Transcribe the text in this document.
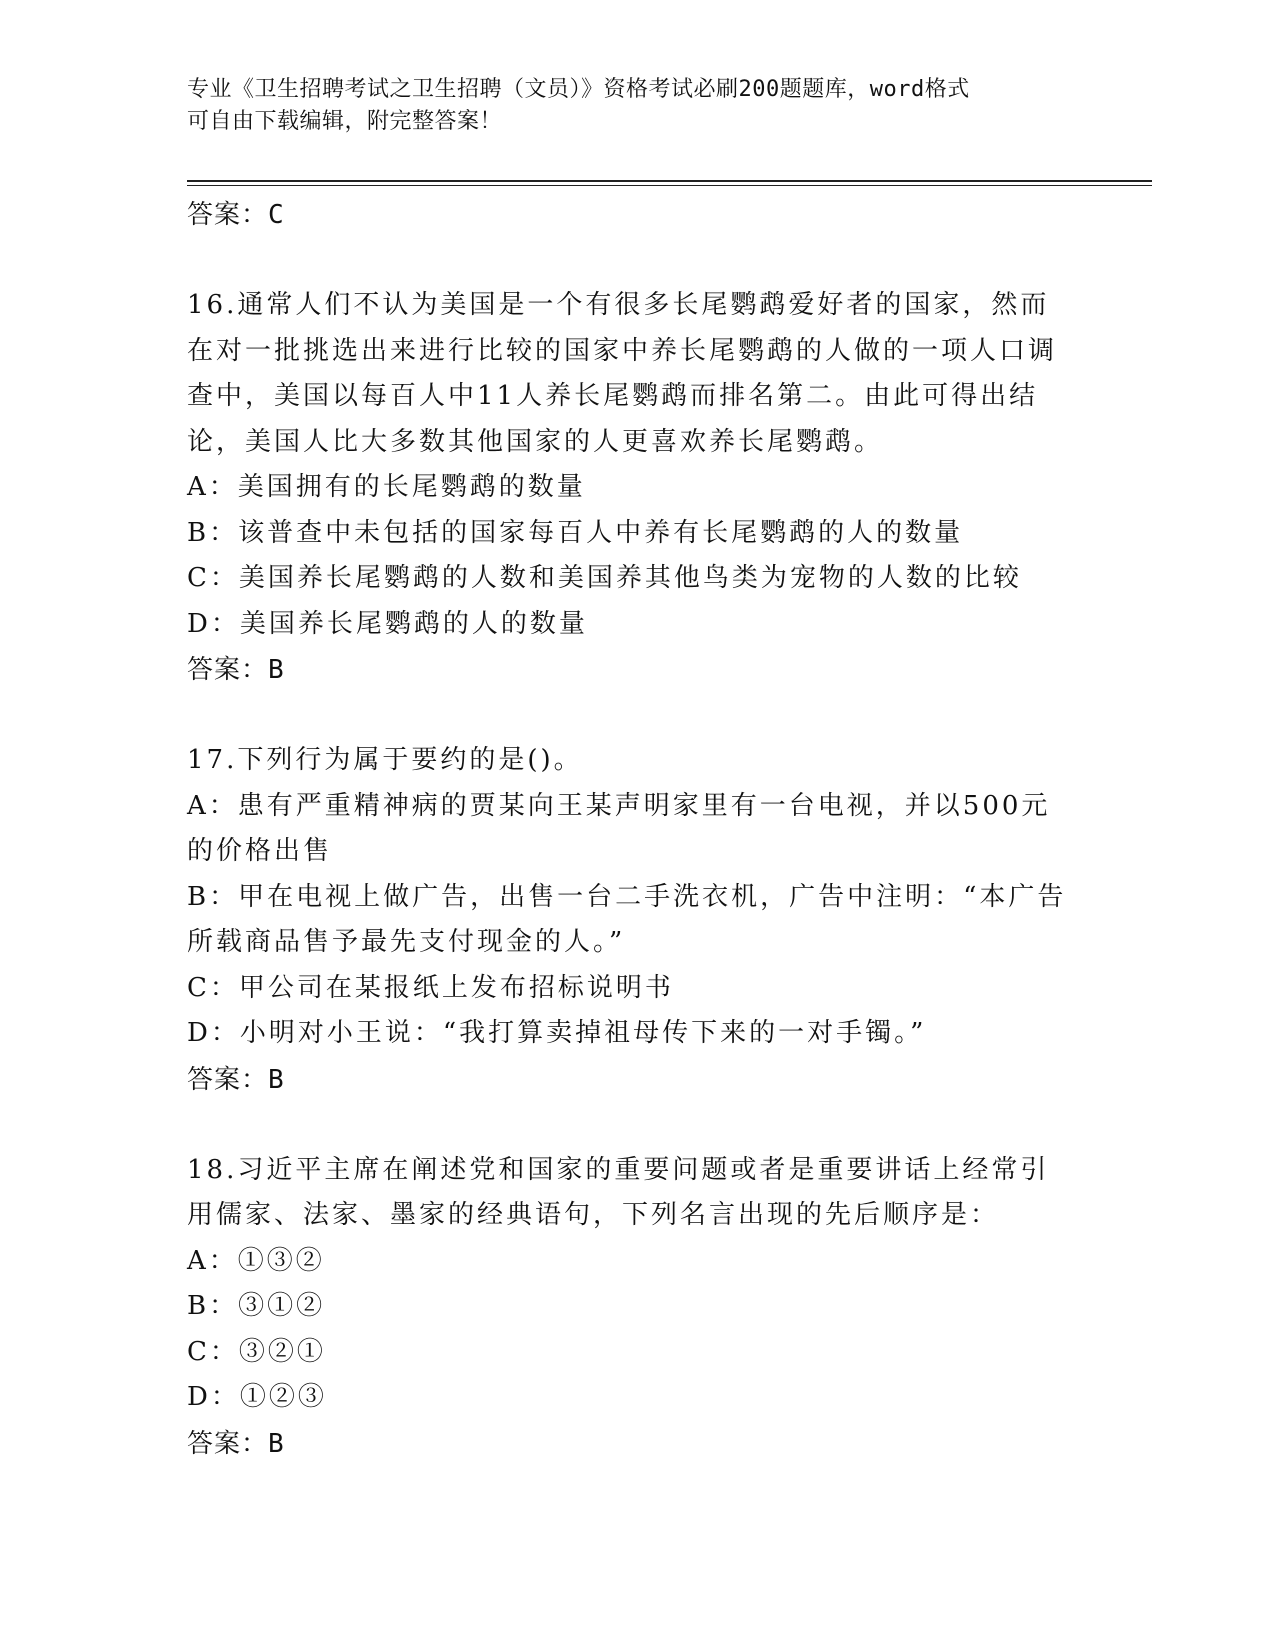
专业《卫生招聘考试之卫生招聘（文员）》资格考试必刷200题题库，word格式
可自由下载编辑，附完整答案！
答案：C
16.通常人们不认为美国是一个有很多长尾鹦鹉爱好者的国家，然而在对一批挑选出来进行比较的国家中养长尾鹦鹉的人做的一项人口调查中，美国以每百人中11人养长尾鹦鹉而排名第二。由此可得出结论，美国人比大多数其他国家的人更喜欢养长尾鹦鹉。
A：美国拥有的长尾鹦鹉的数量
B：该普查中未包括的国家每百人中养有长尾鹦鹉的人的数量
C：美国养长尾鹦鹉的人数和美国养其他鸟类为宠物的人数的比较
D：美国养长尾鹦鹉的人的数量
答案：B
17.下列行为属于要约的是()。
A：患有严重精神病的贾某向王某声明家里有一台电视，并以500元的价格出售
B：甲在电视上做广告，出售一台二手洗衣机，广告中注明：“本广告所载商品售予最先支付现金的人。”
C：甲公司在某报纸上发布招标说明书
D：小明对小王说：“我打算卖掉祖母传下来的一对手镯。”
答案：B
18.习近平主席在阐述党和国家的重要问题或者是重要讲话上经常引用儒家、法家、墨家的经典语句，下列名言出现的先后顺序是：
A：①③②
B：③①②
C：③②①
D：①②③
答案：B
